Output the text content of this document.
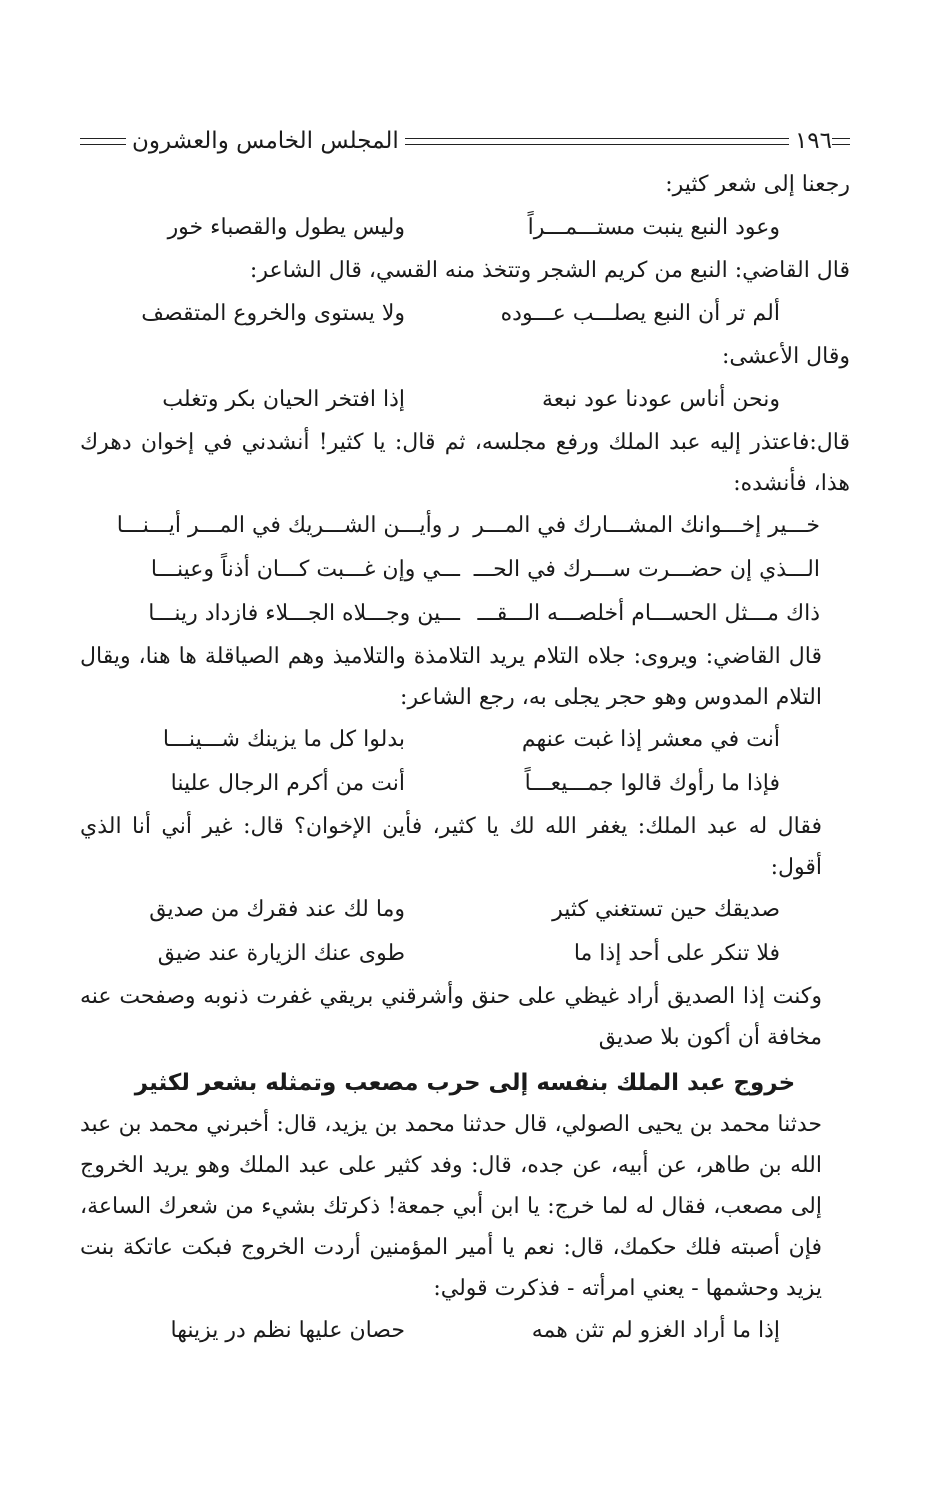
١٩٦
المجلس الخامس والعشرون
رجعنا إلى شعر كثير:
وعود النبع ينبت مستـــمـــراً
وليس يطول والقصباء خور
قال القاضي: النبع من كريم الشجر وتتخذ منه القسي، قال الشاعر:
ألم تر أن النبع يصلـــب عـــوده
ولا يستوى والخروع المتقصف
وقال الأعشى:
ونحن أناس عودنا عود نبعة
إذا افتخر الحيان بكر وتغلب
قال:فاعتذر إليه عبد الملك ورفع مجلسه، ثم قال: يا كثير! أنشدني في إخوان دهرك هذا، فأنشده:
خـــير إخـــوانك المشـــارك في المـــر
ر وأيـــن الشـــريك في المـــر أيـــنـــا
الـــذي إن حضـــرت ســـرك في الحـــ
ـــي وإن غـــبت كـــان أذناً وعينـــا
ذاك مـــثل الحســـام أخلصـــه الـــقـــ
ـــين وجـــلاه الجـــلاء فازداد رينـــا
قال القاضي: ويروى: جلاه التلام يريد التلامذة والتلاميذ وهم الصياقلة ها هنا، ويقال التلام المدوس وهو حجر يجلى به، رجع الشاعر:
أنت في معشر إذا غبت عنهم
بدلوا كل ما يزينك شـــينـــا
فإذا ما رأوك قالوا جمـــيعـــاً
أنت من أكرم الرجال علينا
فقال له عبد الملك: يغفر الله لك يا كثير، فأين الإخوان؟ قال: غير أني أنا الذي أقول:
صديقك حين تستغني كثير
وما لك عند فقرك من صديق
فلا تنكر على أحد إذا ما
طوى عنك الزيارة عند ضيق
وكنت إذا الصديق أراد غيظي على حنق وأشرقني بريقي غفرت ذنوبه وصفحت عنه مخافة أن أكون بلا صديق
خروج عبد الملك بنفسه إلى حرب مصعب وتمثله بشعر لكثير
حدثنا محمد بن يحيى الصولي، قال حدثنا محمد بن يزيد، قال: أخبرني محمد بن عبد الله بن طاهر، عن أبيه، عن جده، قال: وفد كثير على عبد الملك وهو يريد الخروج إلى مصعب، فقال له لما خرج: يا ابن أبي جمعة! ذكرتك بشيء من شعرك الساعة، فإن أصبته فلك حكمك، قال: نعم يا أمير المؤمنين أردت الخروج فبكت عاتكة بنت يزيد وحشمها - يعني امرأته - فذكرت قولي:
إذا ما أراد الغزو لم تثن همه
حصان عليها نظم در يزينها
